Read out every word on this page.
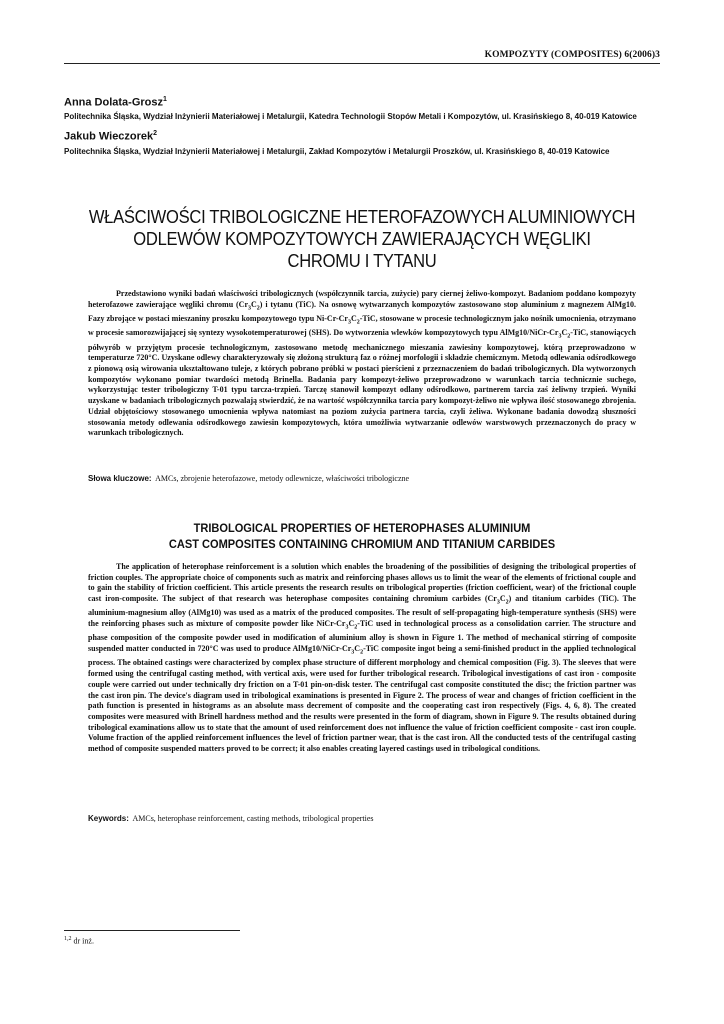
KOMPOZYTY (COMPOSITES) 6(2006)3
Anna Dolata-Grosz$^1$
Politechnika Śląska, Wydział Inżynierii Materiałowej i Metalurgii, Katedra Technologii Stopów Metali i Kompozytów, ul. Krasińskiego 8, 40-019 Katowice
Jakub Wieczorek$^2$
Politechnika Śląska, Wydział Inżynierii Materiałowej i Metalurgii, Zakład Kompozytów i Metalurgii Proszków, ul. Krasińskiego 8, 40-019 Katowice
WŁAŚCIWOŚCI TRIBOLOGICZNE HETEROFAZOWYCH ALUMINIOWYCH
ODLEWÓW KOMPOZYTOWYCH ZAWIERAJĄCYCH WĘGLIKI
CHROMU I TYTANU

Przedstawiono wyniki badań właściwości tribologicznych (współczynnik tarcia, zużycie) pary ciernej żeliwo-kompozyt. Badaniom poddano kompozyty heterofazowe zawierające węgliki chromu $(Cr_3C_2)$ i tytanu (TiC). Na osnowę wytwarzanych kompozytów zastosowano stop aluminium z magnezem AlMg10. Fazy zbrojące w postaci mieszaniny proszku kompozytowego typu $Ni-Cr-Cr_3C_2$-TiC, stosowane w procesie technologicznym jako nośnik umocnienia, otrzymano w procesie samorozwijającej się syntezy wysokotemperaturowej (SHS). Do wytworzenia wlewków kompozytowych typu $AlMg10/NiCr-Cr_3C_2$-TiC, stanowiących półwyrób w przyjętym procesie technologicznym, zastosowano metodę mechanicznego mieszania zawiesiny kompozytowej, którą przeprowadzono w temperaturze 720°C. Uzyskane odlewy charakteryzowały się złożoną strukturą faz o różnej morfologii i składzie chemicznym. Metodą odlewania odśrodkowego z pionową osią wirowania ukształtowano tuleje, z których pobrano próbki w postaci pierścieni z przeznaczeniem do badań tribologicznych. Dla wytworzonych kompozytów wykonano pomiar twardości metodą Brinella. Badania pary kompozyt-żeliwo przeprowadzono w warunkach tarcia technicznie suchego, wykorzystując tester tribologiczny T-01 typu tarcza-trzpień. Tarczę stanowił kompozyt odlany odśrodkowo, partnerem tarcia zaś żeliwny trzpień. Wyniki uzyskane w badaniach tribologicznych pozwalają stwierdzić, że na wartość współczynnika tarcia pary kompozyt-żeliwo nie wpływa ilość stosowanego zbrojenia. Udział objętościowy stosowanego umocnienia wpływa natomiast na poziom zużycia partnera tarcia, czyli żeliwa. Wykonane badania dowodzą słuszności stosowania metody odlewania odśrodkowego zawiesin kompozytowych, która umożliwia wytwarzanie odlewów warstwowych przeznaczonych do pracy w warunkach tribologicznych.

Słowa kluczowe: AMCs, zbrojenie heterofazowe, metody odlewnicze, właściwości tribologiczne
TRIBOLOGICAL PROPERTIES OF HETEROPHASES ALUMINIUM
CAST COMPOSITES CONTAINING CHROMIUM AND TITANIUM CARBIDES

The application of heterophase reinforcement is a solution which enables the broadening of the possibilities of designing the tribological properties of friction couples. The appropriate choice of components such as matrix and reinforcing phases allows us to limit the wear of the elements of frictional couple and to gain the stability of friction coefficient. This article presents the research results on tribological properties (friction coefficient, wear) of the frictional couple cast iron-composite. The subject of that research was heterophase composites containing chromium carbides $(Cr_3C_2)$ and titanium carbides (TiC). The aluminium-magnesium alloy (AlMg10) was used as a matrix of the produced composites. The result of self-propagating high-temperature synthesis (SHS) were the reinforcing phases such as mixture of composite powder like NiCr-$Cr_3C_2$-TiC used in technological process as a consolidation carrier. The structure and phase composition of the composite powder used in modification of aluminium alloy is shown in Figure 1. The method of mechanical stirring of composite suspended matter conducted in 720°C was used to produce $AlMg10/NiCr-Cr_3C_2$-TiC composite ingot being a semi-finished product in the applied technological process. The obtained castings were characterized by complex phase structure of different morphology and chemical composition (Fig. 3). The sleeves that were formed using the centrifugal casting method, with vertical axis, were used for further tribological research. Tribological investigations of cast iron - composite couple were carried out under technically dry friction on a T-01 pin-on-disk tester. The centrifugal cast composite constituted the disc; the friction partner was the cast iron pin. The device's diagram used in tribological examinations is presented in Figure 2. The process of wear and changes of friction coefficient in the path function is presented in histograms as an absolute mass decrement of composite and the cooperating cast iron respectively (Figs. 4, 6, 8). The created composites were measured with Brinell hardness method and the results were presented in the form of diagram, shown in Figure 9. The results obtained during tribological examinations allow us to state that the amount of used reinforcement does not influence the value of friction coefficient composite - cast iron couple. Volume fraction of the applied reinforcement influences the level of friction partner wear, that is the cast iron. All the conducted tests of the centrifugal casting method of composite suspended matters proved to be correct; it also enables creating layered castings used in tribological conditions.

Keywords: AMCs, heterophase reinforcement, casting methods, tribological properties
$^{1,2}$ dr inż.
